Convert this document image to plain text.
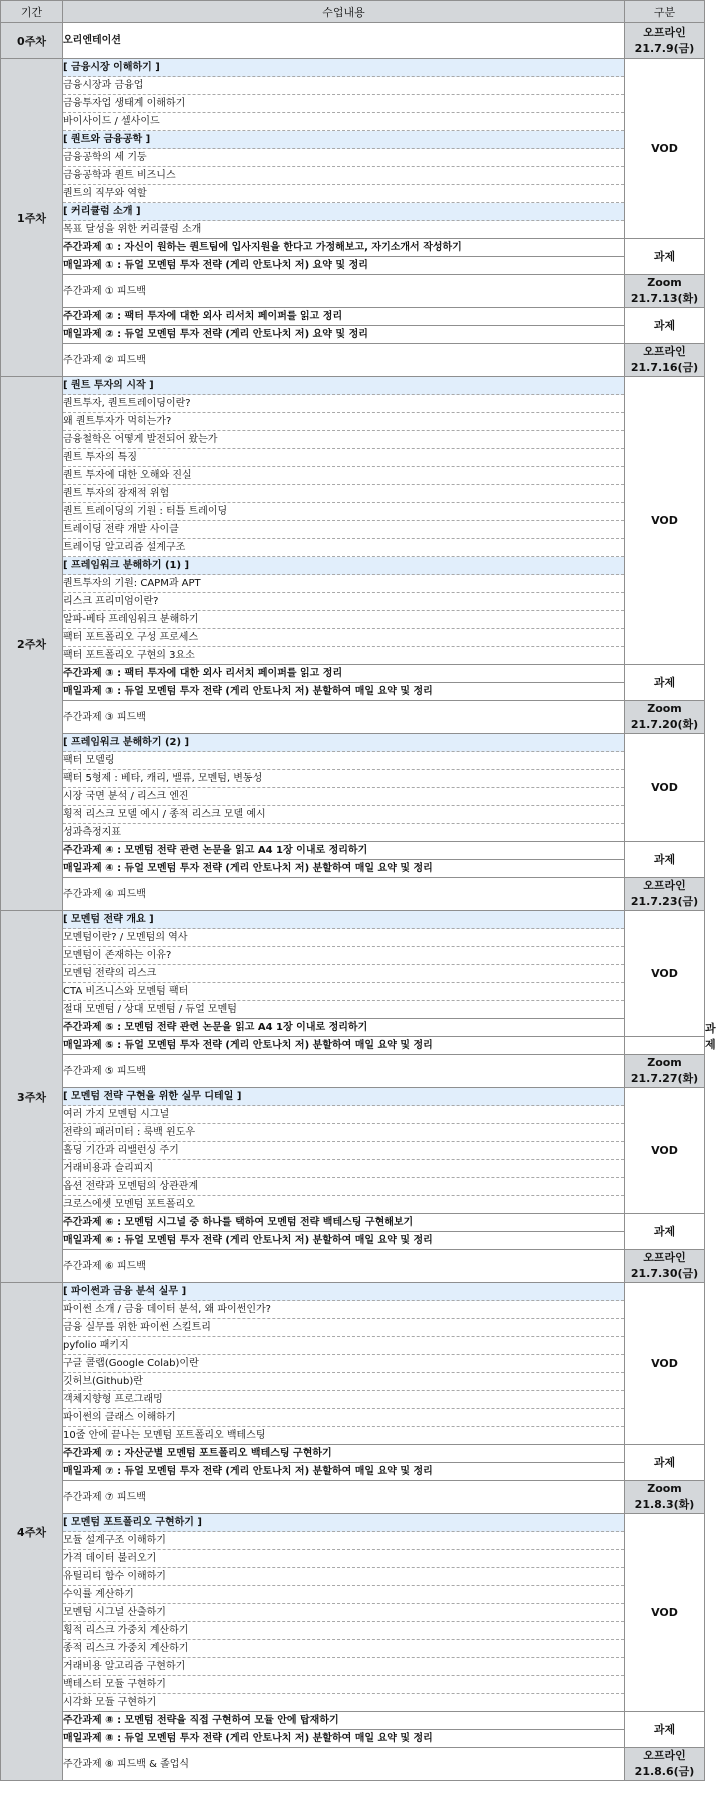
기간	수업내용	구분	
0주차	오리엔테이션	오프라인
21.7.9(금)	

1주차	[ 금융시장 이해하기 ]	VOD	

	금융시장과 금융업		
	금융투자업 생태계 이해하기		
	바이사이드 / 셀사이드		
	[ 퀀트와 금융공학 ]		
	금융공학의 세 기둥		
	금융공학과 퀀트 비즈니스		
	퀀트의 직무와 역할		
	[ 커리큘럼 소개 ]		
	목표 달성을 위한 커리큘럼 소개		
	주간과제 ① : 자신이 원하는 퀀트팀에 입사지원을 한다고 가정해보고, 자기소개서 작성하기	과제	

	매일과제 ① : 듀얼 모멘텀 투자 전략 (게리 안토나치 저) 요약 및 정리		
	주간과제 ① 피드백	Zoom
21.7.13(화)	

	주간과제 ② : 팩터 투자에 대한 외사 리서치 페이퍼를 읽고 정리	과제	

	매일과제 ② : 듀얼 모멘텀 투자 전략 (게리 안토나치 저) 요약 및 정리		
	주간과제 ② 피드백	오프라인
21.7.16(금)	

2주차	[ 퀀트 투자의 시작 ]	VOD	

	퀀트투자, 퀀트트레이딩이란?		
	왜 퀀트투자가 먹히는가?		
	금융철학은 어떻게 발전되어 왔는가		
	퀀트 투자의 특징		
	퀀트 투자에 대한 오해와 진실		
	퀀트 투자의 잠재적 위험		
	퀀트 트레이딩의 기원 : 터틀 트레이딩		
	트레이딩 전략 개발 사이클		
	트레이딩 알고리즘 설계구조		
	[ 프레임워크 분해하기 (1) ]		
	퀀트투자의 기원: CAPM과 APT		
	리스크 프리미엄이란?		
	알파-베타 프레임워크 분해하기		
	팩터 포트폴리오 구성 프로세스		
	팩터 포트폴리오 구현의 3요소		
	주간과제 ③ : 팩터 투자에 대한 외사 리서치 페이퍼를 읽고 정리	과제	

	매일과제 ③ : 듀얼 모멘텀 투자 전략 (게리 안토나치 저) 분할하여 매일 요약 및 정리		
	주간과제 ③ 피드백	Zoom
21.7.20(화)	

	[ 프레임워크 분해하기 (2) ]	VOD	

	팩터 모델링		
	팩터 5형제 : 베타, 캐리, 밸류, 모멘텀, 변동성		
	시장 국면 분석 / 리스크 엔진		
	횡적 리스크 모델 예시 / 종적 리스크 모델 예시		
	성과측정지표		
	주간과제 ④ : 모멘텀 전략 관련 논문을 읽고 A4 1장 이내로 정리하기	과제	

	매일과제 ④ : 듀얼 모멘텀 투자 전략 (게리 안토나치 저) 분할하여 매일 요약 및 정리		
	주간과제 ④ 피드백	오프라인
21.7.23(금)	

3주차	[ 모멘텀 전략 개요 ]	VOD	

	모멘텀이란? / 모멘텀의 역사		
	모멘텀이 존재하는 이유?		
	모멘텀 전략의 리스크		
	CTA 비즈니스와 모멘텀 팩터		
	절대 모멘텀 / 상대 모멘텀 / 듀얼 모멘텀		
	주간과제 ⑤ : 모멘텀 전략 관련 논문을 읽고 A4 1장 이내로 정리하기		과제

	매일과제 ⑤ : 듀얼 모멘텀 투자 전략 (게리 안토나치 저) 분할하여 매일 요약 및 정리		
	주간과제 ⑤ 피드백	Zoom
21.7.27(화)	

	[ 모멘텀 전략 구현을 위한 실무 디테일 ]	VOD	

	여러 가지 모멘텀 시그널		
	전략의 패러미터 : 룩백 윈도우		
	홀딩 기간과 리밸런싱 주기		
	거래비용과 슬리피지		
	옵션 전략과 모멘텀의 상관관계		
	크로스에셋 모멘텀 포트폴리오		
	주간과제 ⑥ : 모멘텀 시그널 중 하나를 택하여 모멘텀 전략 백테스팅 구현해보기	과제	

	매일과제 ⑥ : 듀얼 모멘텀 투자 전략 (게리 안토나치 저) 분할하여 매일 요약 및 정리		
	주간과제 ⑥ 피드백	오프라인
21.7.30(금)	

4주차	[ 파이썬과 금융 분석 실무 ]	VOD	

	파이썬 소개 / 금융 데이터 분석, 왜 파이썬인가?		
	금융 실무를 위한 파이썬 스킬트리		
	pyfolio 패키지		
	구글 콜랩(Google Colab)이란		
	깃허브(Github)란		
	객체지향형 프로그래밍		
	파이썬의 클래스 이해하기		
	10줄 안에 끝나는 모멘텀 포트폴리오 백테스팅		
	주간과제 ⑦ : 자산군별 모멘텀 포트폴리오 백테스팅 구현하기	과제	

	매일과제 ⑦ : 듀얼 모멘텀 투자 전략 (게리 안토나치 저) 분할하여 매일 요약 및 정리		
	주간과제 ⑦ 피드백	Zoom
21.8.3(화)	

	[ 모멘텀 포트폴리오 구현하기 ]	VOD	

	모듈 설계구조 이해하기		
	가격 데이터 불러오기		
	유틸리티 함수 이해하기		
	수익률 계산하기		
	모멘텀 시그널 산출하기		
	횡적 리스크 가중치 계산하기		
	종적 리스크 가중치 계산하기		
	거래비용 알고리즘 구현하기		
	백테스터 모듈 구현하기		
	시각화 모듈 구현하기		
	주간과제 ⑧ : 모멘텀 전략을 직접 구현하여 모듈 안에 탑재하기	과제	

	매일과제 ⑧ : 듀얼 모멘텀 투자 전략 (게리 안토나치 저) 분할하여 매일 요약 및 정리		
	주간과제 ⑧ 피드백 & 졸업식	오프라인
21.8.6(금)	
